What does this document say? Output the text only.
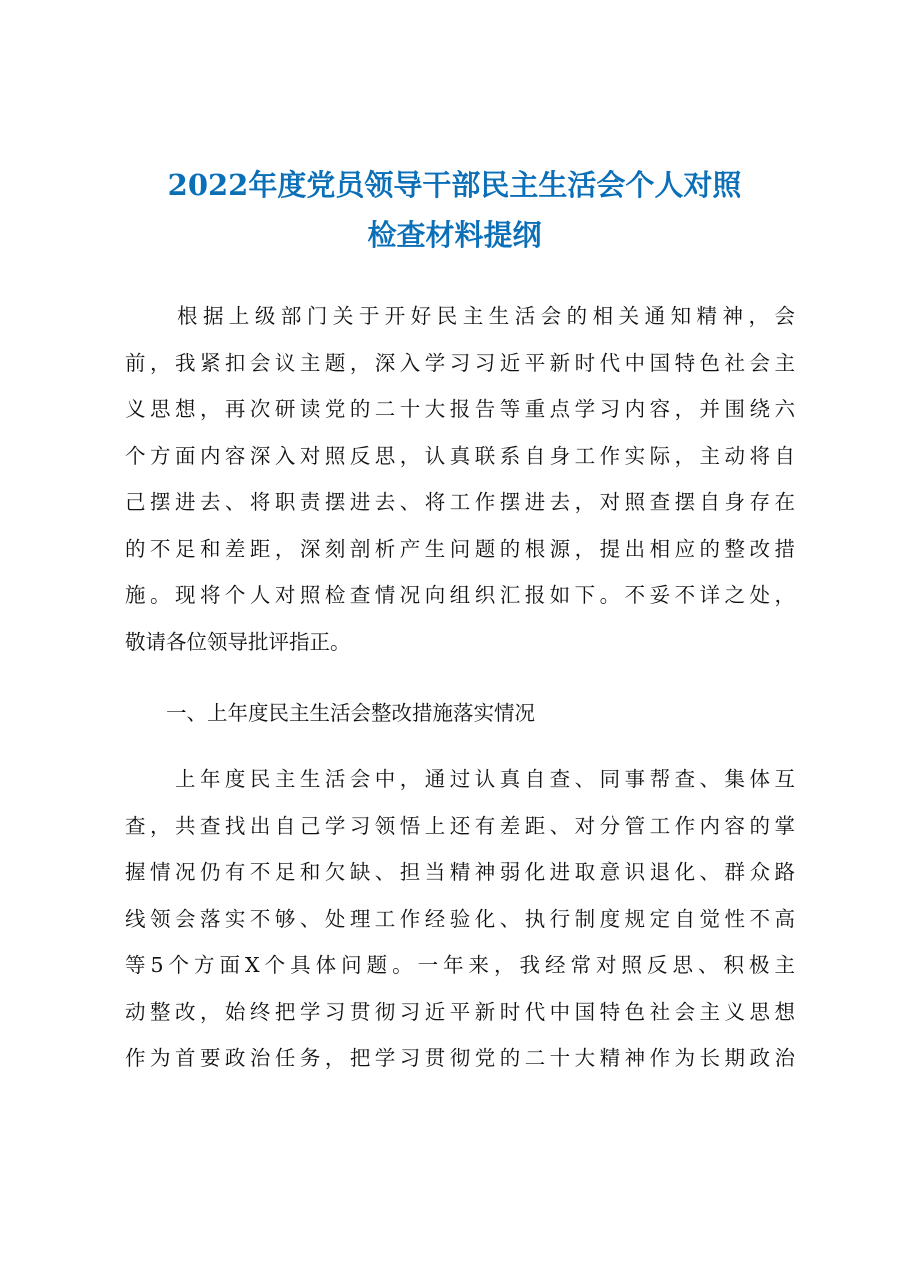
2022年度党员领导干部民主生活会个人对照
检查材料提纲
　　根据上级部门关于开好民主生活会的相关通知精神，会
前，我紧扣会议主题，深入学习习近平新时代中国特色社会主
义思想，再次研读党的二十大报告等重点学习内容，并围绕六
个方面内容深入对照反思，认真联系自身工作实际，主动将自
己摆进去、将职责摆进去、将工作摆进去，对照查摆自身存在
的不足和差距，深刻剖析产生问题的根源，提出相应的整改措
施。现将个人对照检查情况向组织汇报如下。不妥不详之处，
敬请各位领导批评指正。
　　一、上年度民主生活会整改措施落实情况
　　上年度民主生活会中，通过认真自查、同事帮查、集体互
查，共查找出自己学习领悟上还有差距、对分管工作内容的掌
握情况仍有不足和欠缺、担当精神弱化进取意识退化、群众路
线领会落实不够、处理工作经验化、执行制度规定自觉性不高
等5个方面X个具体问题。一年来，我经常对照反思、积极主
动整改，始终把学习贯彻习近平新时代中国特色社会主义思想
作为首要政治任务，把学习贯彻党的二十大精神作为长期政治
